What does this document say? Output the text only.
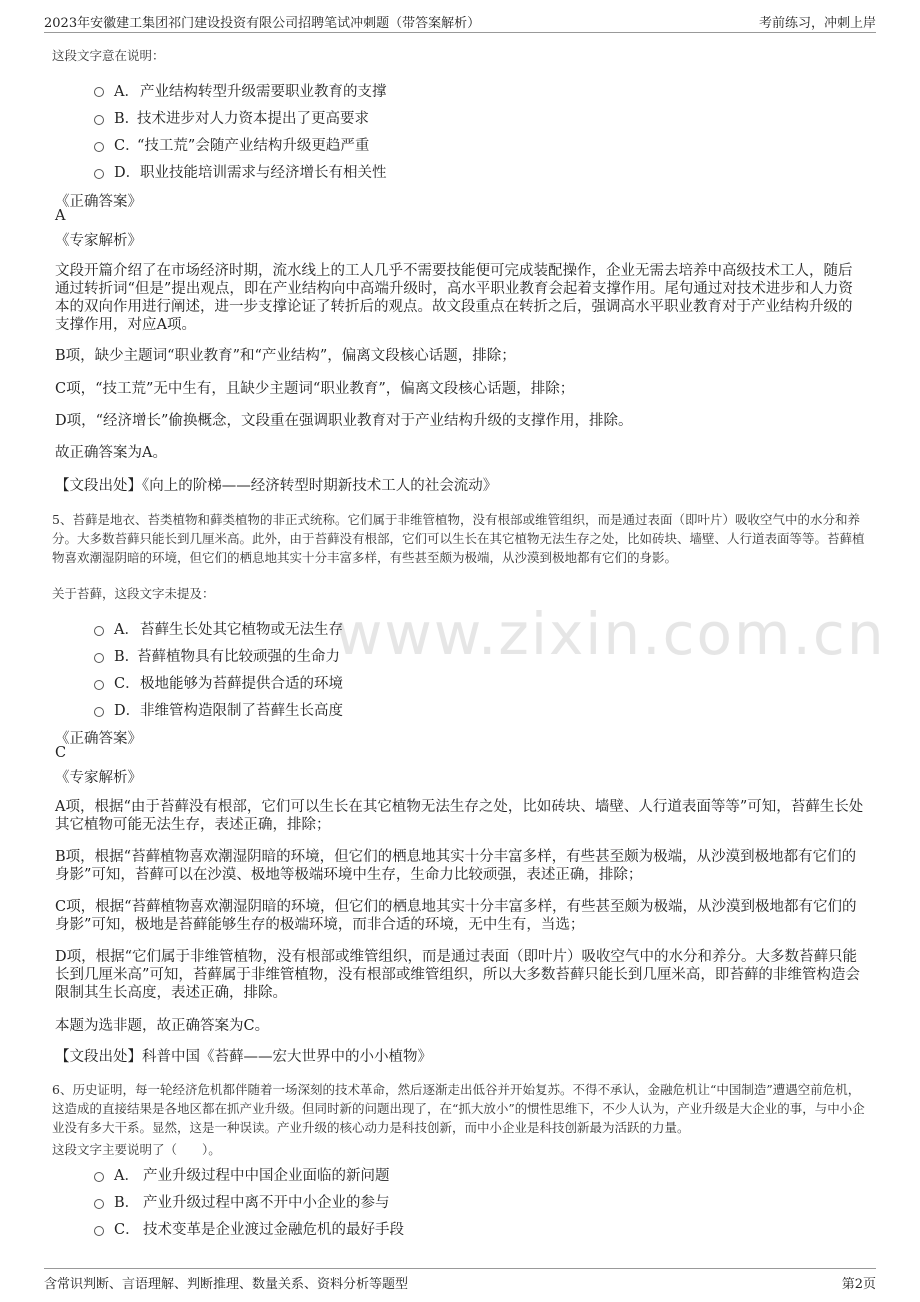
2023年安徽建工集团祁门建设投资有限公司招聘笔试冲刺题（带答案解析）	考前练习，冲刺上岸
www.zixin.com.cn
这段文字意在说明：
A． 产业结构转型升级需要职业教育的支撑
B．
技术进步对人力资本提出了更高要求
C．
“技工荒”会随产业结构升级更趋严重
D． 职业技能培训需求与经济增长有相关性
《正确答案》
A
《专家解析》
文段开篇介绍了在市场经济时期，流水线上的工人几乎不需要技能便可完成装配操作，企业无需去培养中高级技术工人，随后通过转折词“但是”提出观点，即在产业结构向中高端升级时，高水平职业教育会起着支撑作用。尾句通过对技术进步和人力资本的双向作用进行阐述，进一步支撑论证了转折后的观点。故文段重点在转折之后，强调高水平职业教育对于产业结构升级的支撑作用，对应A项。
B项，缺少主题词“职业教育”和“产业结构”，偏离文段核心话题，排除；
C项，“技工荒”无中生有，且缺少主题词“职业教育”，偏离文段核心话题，排除；
D项，“经济增长”偷换概念，文段重在强调职业教育对于产业结构升级的支撑作用，排除。
故正确答案为A。
【文段出处】《向上的阶梯——经济转型时期新技术工人的社会流动》
5、苔藓是地衣、苔类植物和藓类植物的非正式统称。它们属于非维管植物，没有根部或维管组织，而是通过表面（即叶片）吸收空气中的水分和养分。大多数苔藓只能长到几厘米高。此外，由于苔藓没有根部，它们可以生长在其它植物无法生存之处，比如砖块、墙壁、人行道表面等等。苔藓植物喜欢潮湿阴暗的环境，但它们的栖息地其实十分丰富多样，有些甚至颇为极端，从沙漠到极地都有它们的身影。
关于苔藓，这段文字未提及：
A． 苔藓生长处其它植物或无法生存
B．
苔藓植物具有比较顽强的生命力
C． 极地能够为苔藓提供合适的环境
D． 非维管构造限制了苔藓生长高度
《正确答案》
C
《专家解析》
A项，根据“由于苔藓没有根部，它们可以生长在其它植物无法生存之处，比如砖块、墙壁、人行道表面等等”可知，苔藓生长处其它植物可能无法生存，表述正确，排除；
B项，根据“苔藓植物喜欢潮湿阴暗的环境，但它们的栖息地其实十分丰富多样，有些甚至颇为极端，从沙漠到极地都有它们的身影”可知，苔藓可以在沙漠、极地等极端环境中生存，生命力比较顽强，表述正确，排除；
C项，根据“苔藓植物喜欢潮湿阴暗的环境，但它们的栖息地其实十分丰富多样，有些甚至颇为极端，从沙漠到极地都有它们的身影”可知，极地是苔藓能够生存的极端环境，而非合适的环境，无中生有，当选；
D项，根据“它们属于非维管植物，没有根部或维管组织，而是通过表面（即叶片）吸收空气中的水分和养分。大多数苔藓只能长到几厘米高”可知，苔藓属于非维管植物，没有根部或维管组织，所以大多数苔藓只能长到几厘米高，即苔藓的非维管构造会限制其生长高度，表述正确，排除。
本题为选非题，故正确答案为C。
【文段出处】科普中国《苔藓——宏大世界中的小小植物》
6、历史证明，每一轮经济危机都伴随着一场深刻的技术革命，然后逐渐走出低谷并开始复苏。不得不承认，金融危机让“中国制造”遭遇空前危机，这造成的直接结果是各地区都在抓产业升级。但同时新的问题出现了，在“抓大放小”的惯性思维下，不少人认为，产业升级是大企业的事，与中小企业没有多大干系。显然，这是一种误读。产业升级的核心动力是科技创新，而中小企业是科技创新最为活跃的力量。
这段文字主要说明了（　　）。
A． 产业升级过程中中国企业面临的新问题
B． 产业升级过程中离不开中小企业的参与
C． 技术变革是企业渡过金融危机的最好手段
含常识判断、言语理解、判断推理、数量关系、资料分析等题型	第2页
